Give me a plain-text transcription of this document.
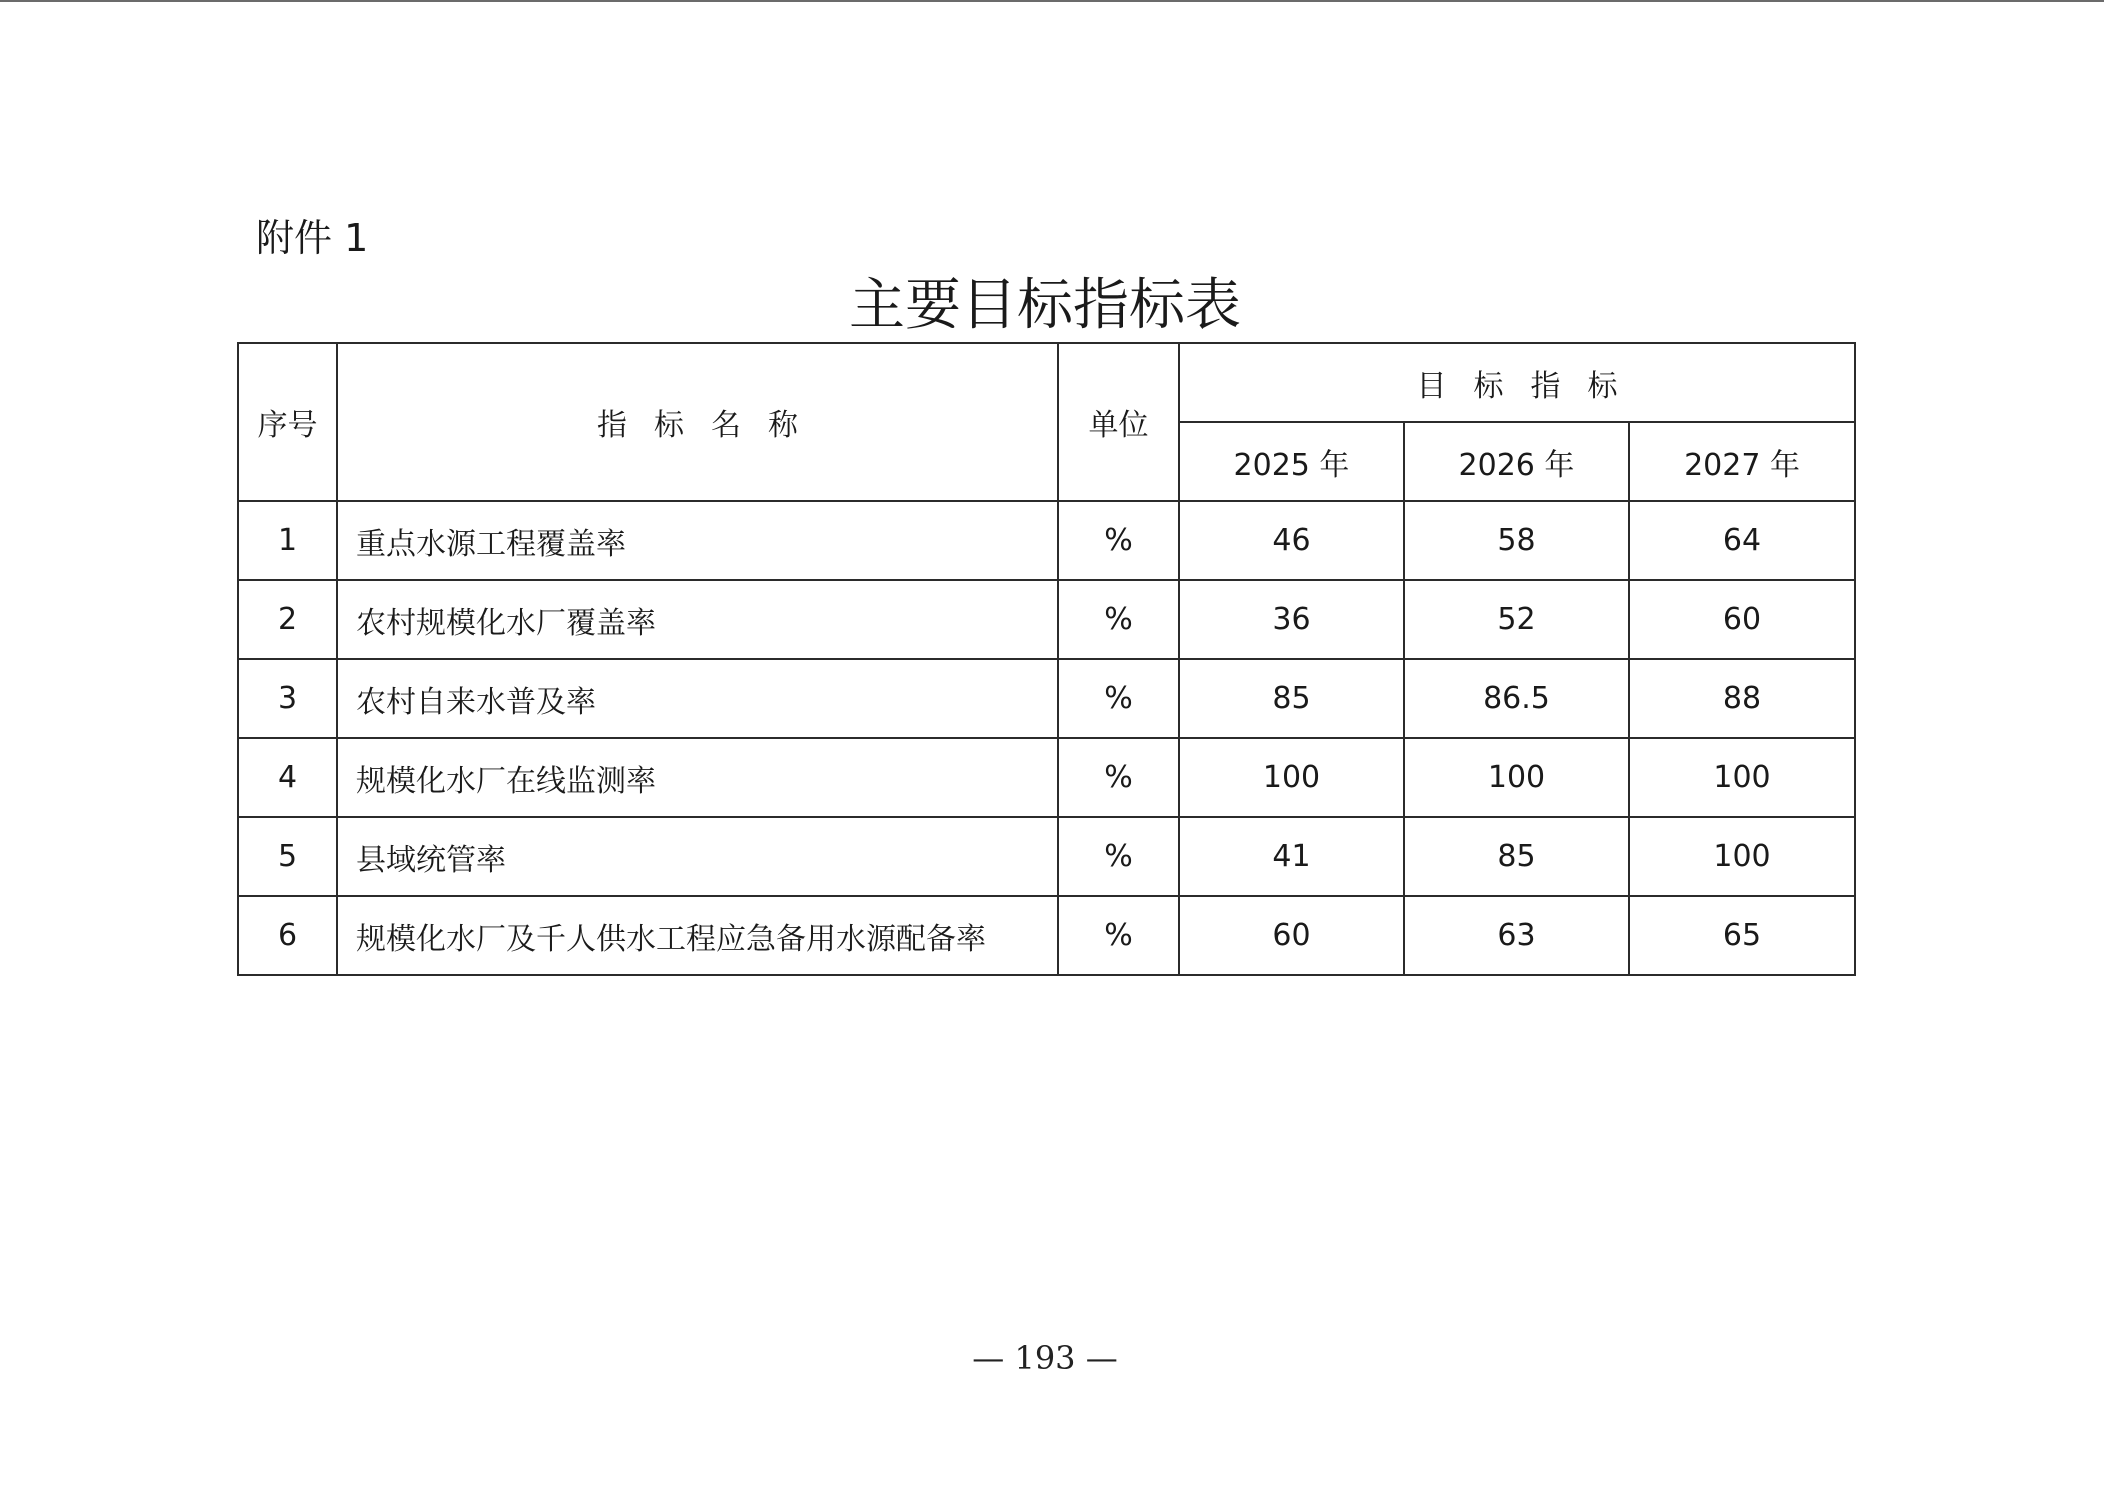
附件 1
主要目标指标表
序号	指标名称	单位	目标指标		
			2025 年	2026 年	2027 年
1	重点水源工程覆盖率	%	46	58	64
2	农村规模化水厂覆盖率	%	36	52	60
3	农村自来水普及率	%	85	86.5	88
4	规模化水厂在线监测率	%	100	100	100
5	县域统管率	%	41	85	100
6	规模化水厂及千人供水工程应急备用水源配备率	%	60	63	65
— 193 —
